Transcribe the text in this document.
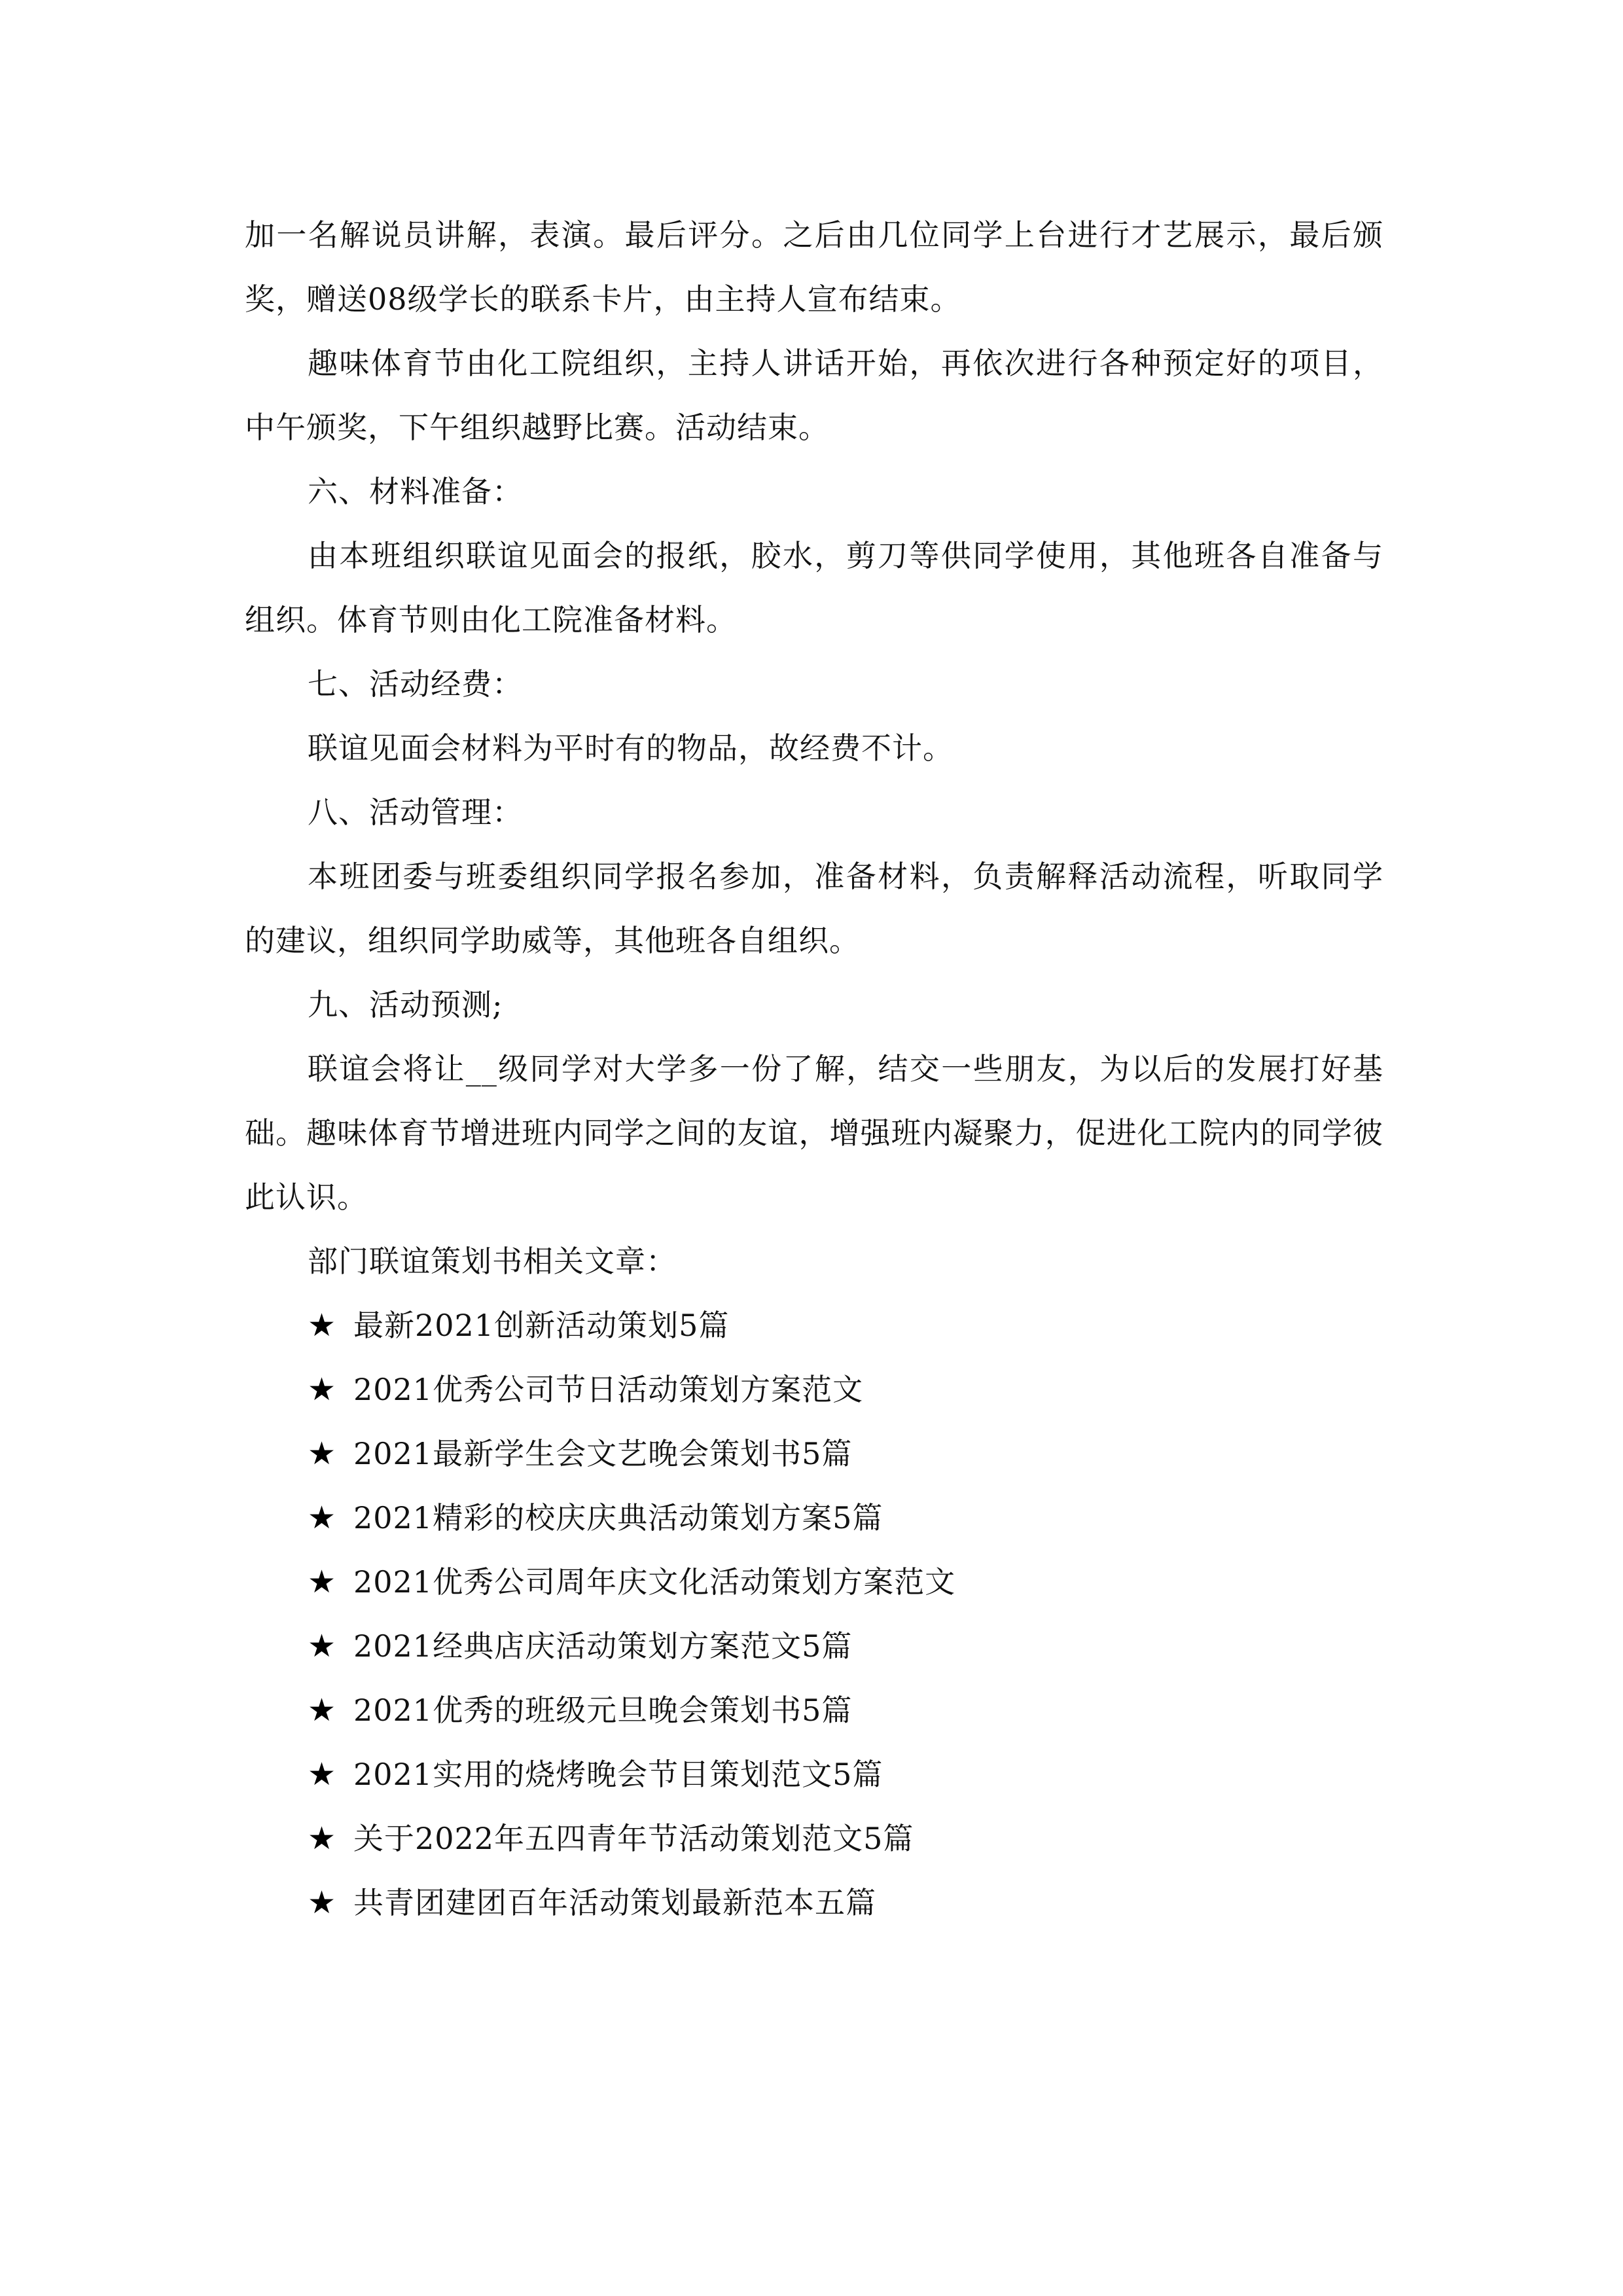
加一名解说员讲解，表演。最后评分。之后由几位同学上台进行才艺展示，最后颁奖，赠送08级学长的联系卡片，由主持人宣布结束。

趣味体育节由化工院组织，主持人讲话开始，再依次进行各种预定好的项目，中午颁奖，下午组织越野比赛。活动结束。

六、材料准备：

由本班组织联谊见面会的报纸，胶水，剪刀等供同学使用，其他班各自准备与组织。体育节则由化工院准备材料。

七、活动经费：

联谊见面会材料为平时有的物品，故经费不计。

八、活动管理：

本班团委与班委组织同学报名参加，准备材料，负责解释活动流程，听取同学的建议，组织同学助威等，其他班各自组织。

九、活动预测;

联谊会将让__级同学对大学多一份了解，结交一些朋友，为以后的发展打好基础。趣味体育节增进班内同学之间的友谊，增强班内凝聚力，促进化工院内的同学彼此认识。

部门联谊策划书相关文章：

★ 最新2021创新活动策划5篇
★ 2021优秀公司节日活动策划方案范文
★ 2021最新学生会文艺晚会策划书5篇
★ 2021精彩的校庆庆典活动策划方案5篇
★ 2021优秀公司周年庆文化活动策划方案范文
★ 2021经典店庆活动策划方案范文5篇
★ 2021优秀的班级元旦晚会策划书5篇
★ 2021实用的烧烤晚会节目策划范文5篇
★ 关于2022年五四青年节活动策划范文5篇
★ 共青团建团百年活动策划最新范本五篇
